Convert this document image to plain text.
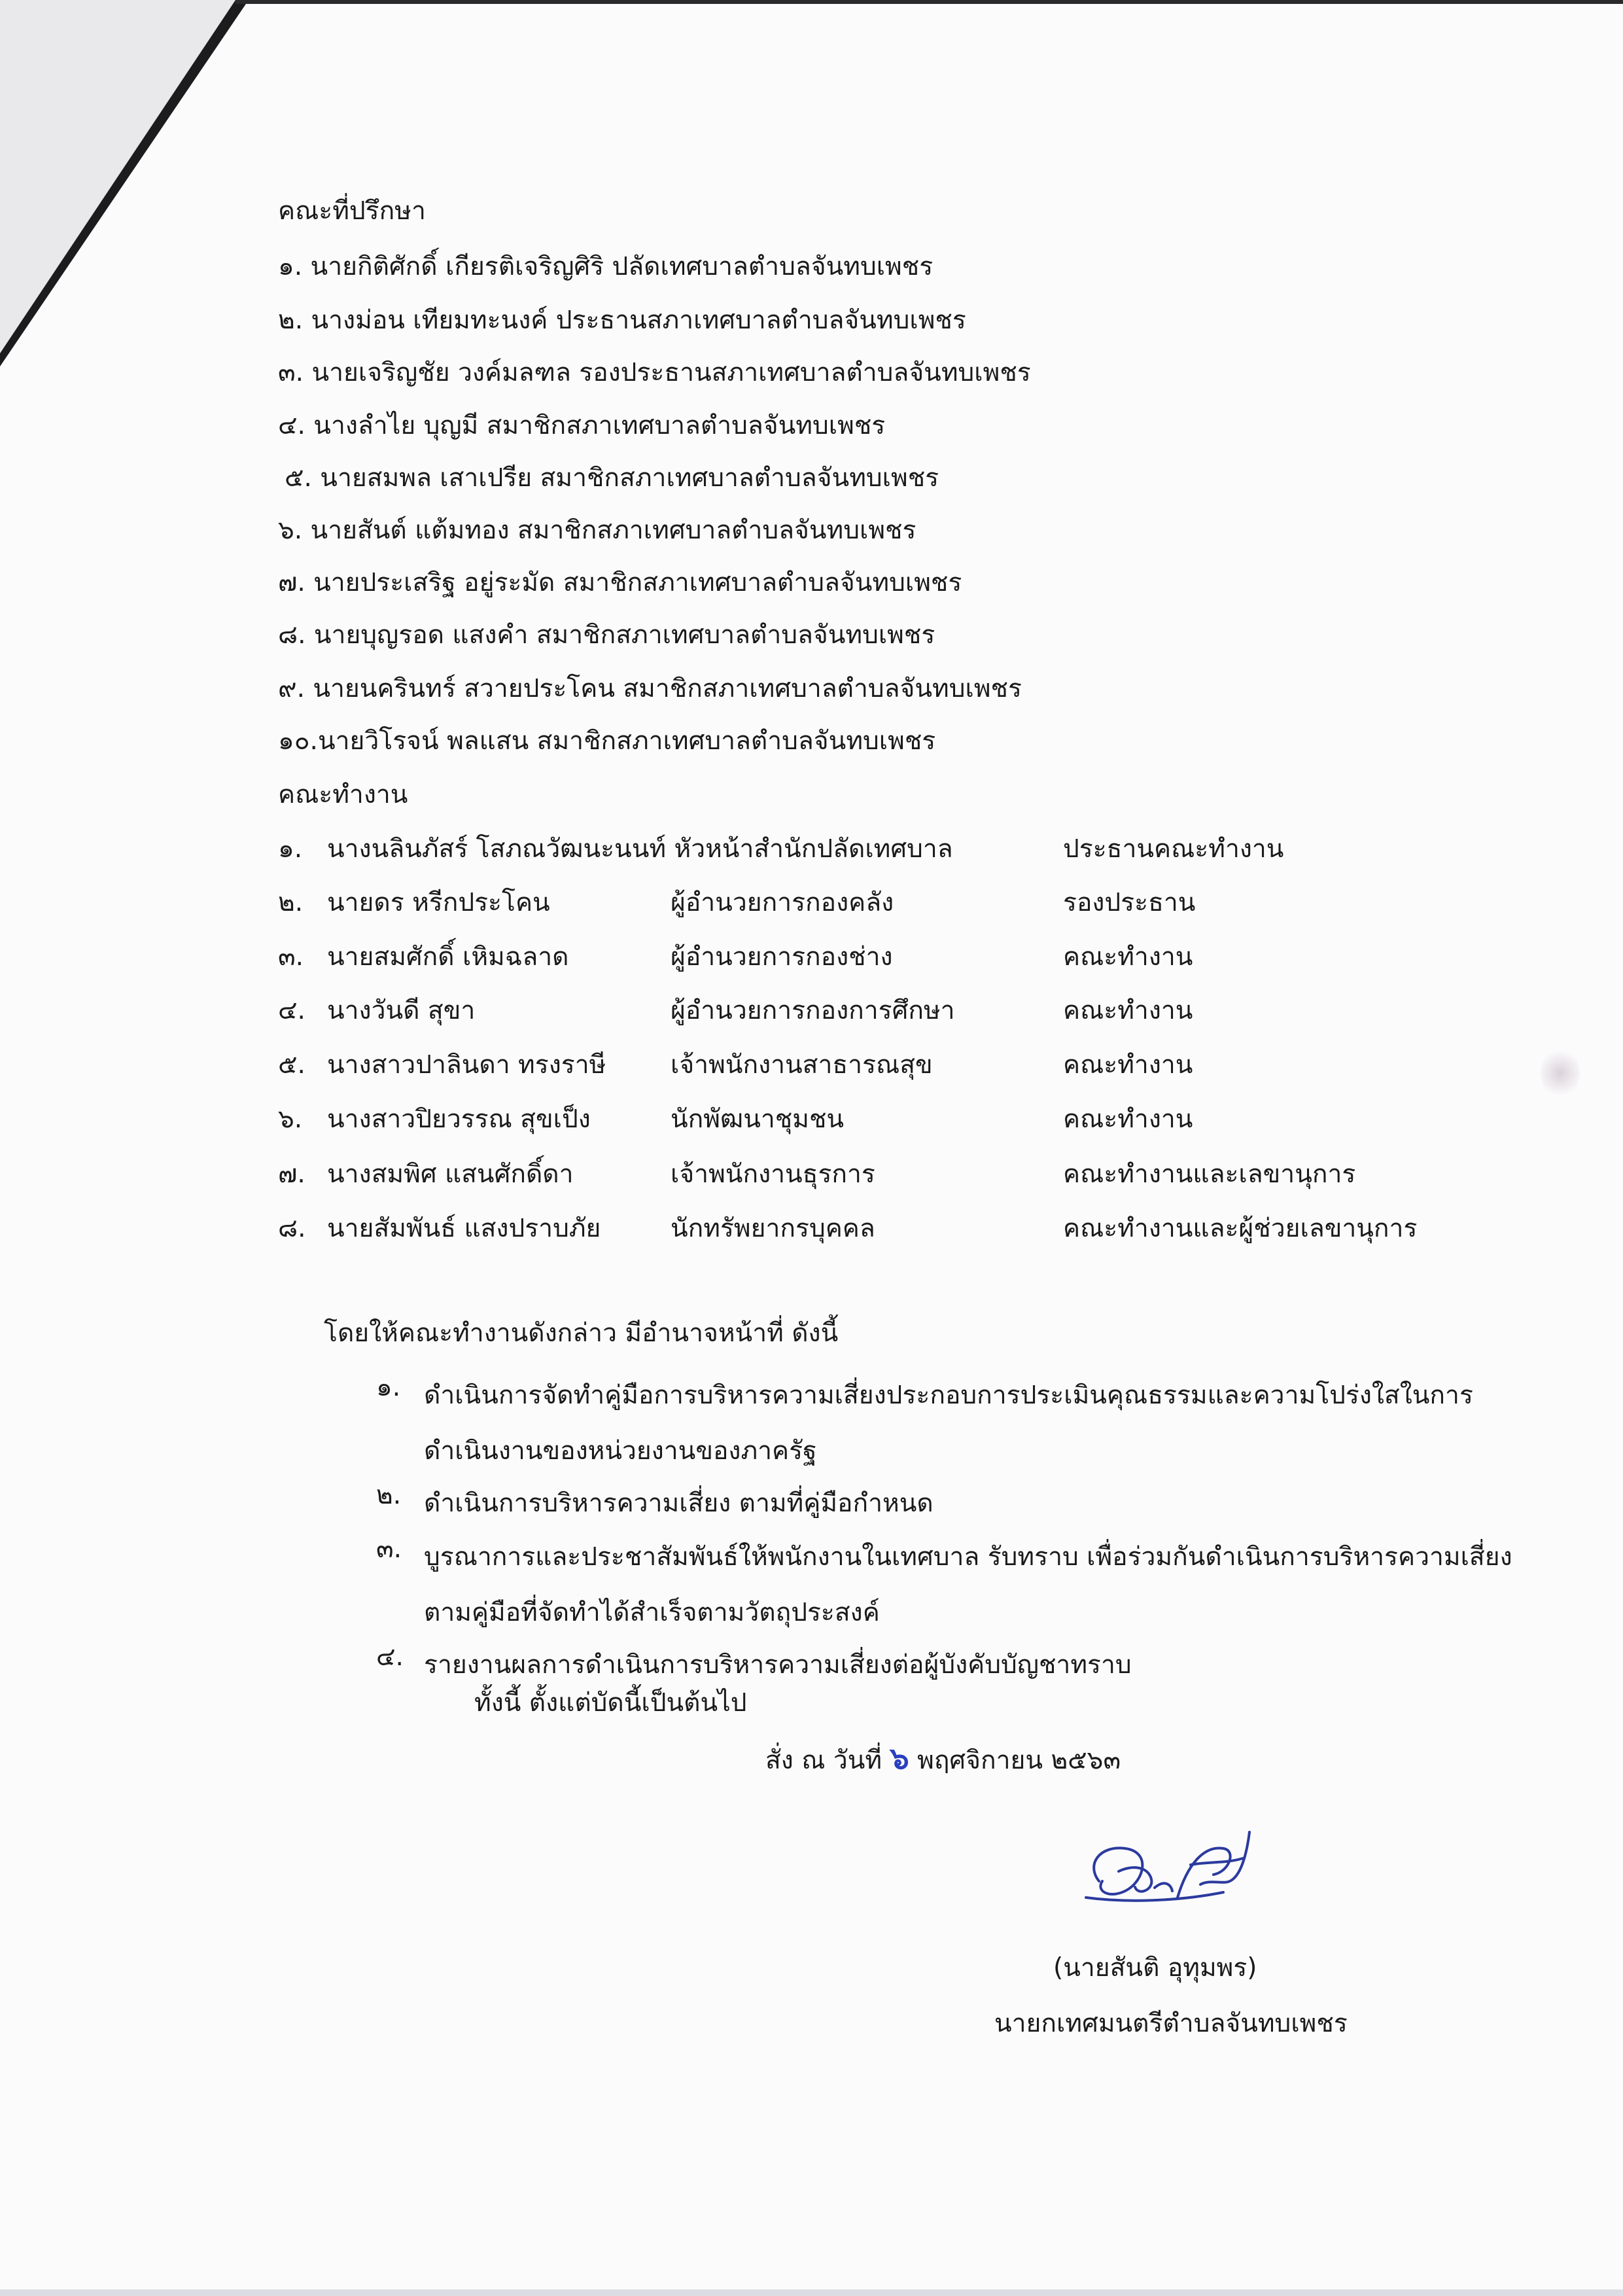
คณะที่ปรึกษา
๑. นายกิติศักดิ์ เกียรติเจริญศิริ ปลัดเทศบาลตำบลจันทบเพชร
๒. นางม่อน เทียมทะนงค์ ประธานสภาเทศบาลตำบลจันทบเพชร
๓. นายเจริญชัย วงค์มลฑล รองประธานสภาเทศบาลตำบลจันทบเพชร
๔. นางลำไย บุญมี สมาชิกสภาเทศบาลตำบลจันทบเพชร
๕. นายสมพล เสาเปรีย สมาชิกสภาเทศบาลตำบลจันทบเพชร
๖. นายสันต์ แต้มทอง สมาชิกสภาเทศบาลตำบลจันทบเพชร
๗. นายประเสริฐ อยู่ระมัด สมาชิกสภาเทศบาลตำบลจันทบเพชร
๘. นายบุญรอด แสงคำ สมาชิกสภาเทศบาลตำบลจันทบเพชร
๙. นายนครินทร์ สวายประโคน สมาชิกสภาเทศบาลตำบลจันทบเพชร
๑๐.นายวิโรจน์ พลแสน สมาชิกสภาเทศบาลตำบลจันทบเพชร
คณะทำงาน
๑. นางนลินภัสร์ โสภณวัฒนะนนท์ หัวหน้าสำนักปลัดเทศบาล	ประธานคณะทำงาน
๒. นายดร หรีกประโคน	ผู้อำนวยการกองคลัง	รองประธาน
๓. นายสมศักดิ์ เหิมฉลาด	ผู้อำนวยการกองช่าง	คณะทำงาน
๔. นางวันดี สุขา	ผู้อำนวยการกองการศึกษา	คณะทำงาน
๕. นางสาวปาลินดา ทรงราษี	เจ้าพนักงานสาธารณสุข	คณะทำงาน
๖. นางสาวปิยวรรณ สุขเป็ง	นักพัฒนาชุมชน	คณะทำงาน
๗. นางสมพิศ แสนศักดิ์ดา	เจ้าพนักงานธุรการ	คณะทำงานและเลขานุการ
๘. นายสัมพันธ์ แสงปราบภัย	นักทรัพยากรบุคคล	คณะทำงานและผู้ช่วยเลขานุการ
โดยให้คณะทำงานดังกล่าว มีอำนาจหน้าที่ ดังนี้
๑. ดำเนินการจัดทำคู่มือการบริหารความเสี่ยงประกอบการประเมินคุณธรรมและความโปร่งใสในการดำเนินงานของหน่วยงานของภาครัฐ
๒. ดำเนินการบริหารความเสี่ยง ตามที่คู่มือกำหนด
๓. บูรณาการและประชาสัมพันธ์ให้พนักงานในเทศบาล รับทราบ เพื่อร่วมกันดำเนินการบริหารความเสี่ยงตามคู่มือที่จัดทำได้สำเร็จตามวัตถุประสงค์
๔. รายงานผลการดำเนินการบริหารความเสี่ยงต่อผู้บังคับบัญชาทราบ
ทั้งนี้ ตั้งแต่บัดนี้เป็นต้นไป
สั่ง ณ วันที่ ๖ พฤศจิกายน ๒๕๖๓
(นายสันติ อุทุมพร)
นายกเทศมนตรีตำบลจันทบเพชร
